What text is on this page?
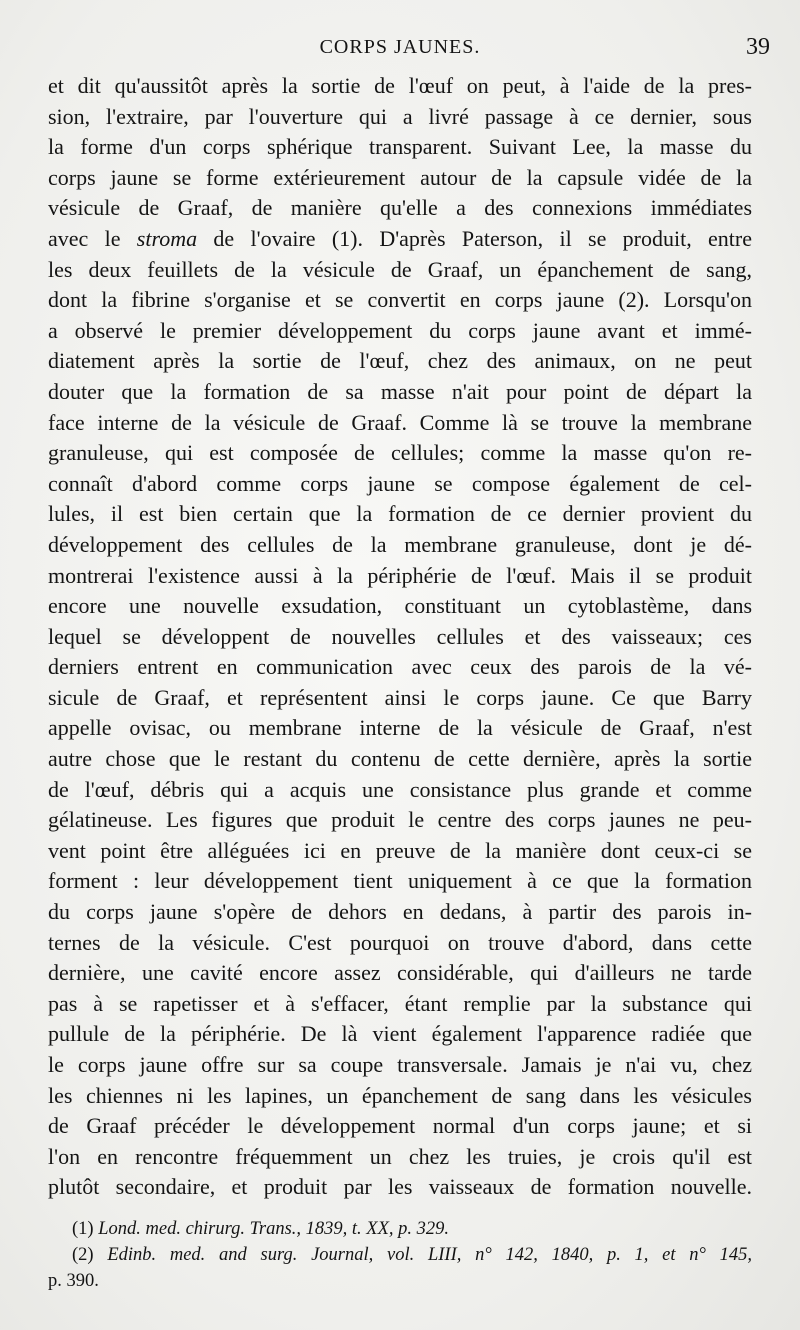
CORPS JAUNES.	39
et dit qu'aussitôt après la sortie de l'œuf on peut, à l'aide de la pres-
sion, l'extraire, par l'ouverture qui a livré passage à ce dernier, sous
la forme d'un corps sphérique transparent. Suivant Lee, la masse du
corps jaune se forme extérieurement autour de la capsule vidée de la
vésicule de Graaf, de manière qu'elle a des connexions immédiates
avec le stroma de l'ovaire (1). D'après Paterson, il se produit, entre
les deux feuillets de la vésicule de Graaf, un épanchement de sang,
dont la fibrine s'organise et se convertit en corps jaune (2). Lorsqu'on
a observé le premier développement du corps jaune avant et immé-
diatement après la sortie de l'œuf, chez des animaux, on ne peut
douter que la formation de sa masse n'ait pour point de départ la
face interne de la vésicule de Graaf. Comme là se trouve la membrane
granuleuse, qui est composée de cellules; comme la masse qu'on re-
connaît d'abord comme corps jaune se compose également de cel-
lules, il est bien certain que la formation de ce dernier provient du
développement des cellules de la membrane granuleuse, dont je dé-
montrerai l'existence aussi à la périphérie de l'œuf. Mais il se produit
encore une nouvelle exsudation, constituant un cytoblastème, dans
lequel se développent de nouvelles cellules et des vaisseaux; ces
derniers entrent en communication avec ceux des parois de la vé-
sicule de Graaf, et représentent ainsi le corps jaune. Ce que Barry
appelle ovisac, ou membrane interne de la vésicule de Graaf, n'est
autre chose que le restant du contenu de cette dernière, après la sortie
de l'œuf, débris qui a acquis une consistance plus grande et comme
gélatineuse. Les figures que produit le centre des corps jaunes ne peu-
vent point être alléguées ici en preuve de la manière dont ceux-ci se
forment : leur développement tient uniquement à ce que la formation
du corps jaune s'opère de dehors en dedans, à partir des parois in-
ternes de la vésicule. C'est pourquoi on trouve d'abord, dans cette
dernière, une cavité encore assez considérable, qui d'ailleurs ne tarde
pas à se rapetisser et à s'effacer, étant remplie par la substance qui
pullule de la périphérie. De là vient également l'apparence radiée que
le corps jaune offre sur sa coupe transversale. Jamais je n'ai vu, chez
les chiennes ni les lapines, un épanchement de sang dans les vésicules
de Graaf précéder le développement normal d'un corps jaune; et si
l'on en rencontre fréquemment un chez les truies, je crois qu'il est
plutôt secondaire, et produit par les vaisseaux de formation nouvelle.
(1) Lond. med. chirurg. Trans., 1839, t. XX, p. 329.
(2) Edinb. med. and surg. Journal, vol. LIII, n° 142, 1840, p. 1, et n° 145,
p. 390.
